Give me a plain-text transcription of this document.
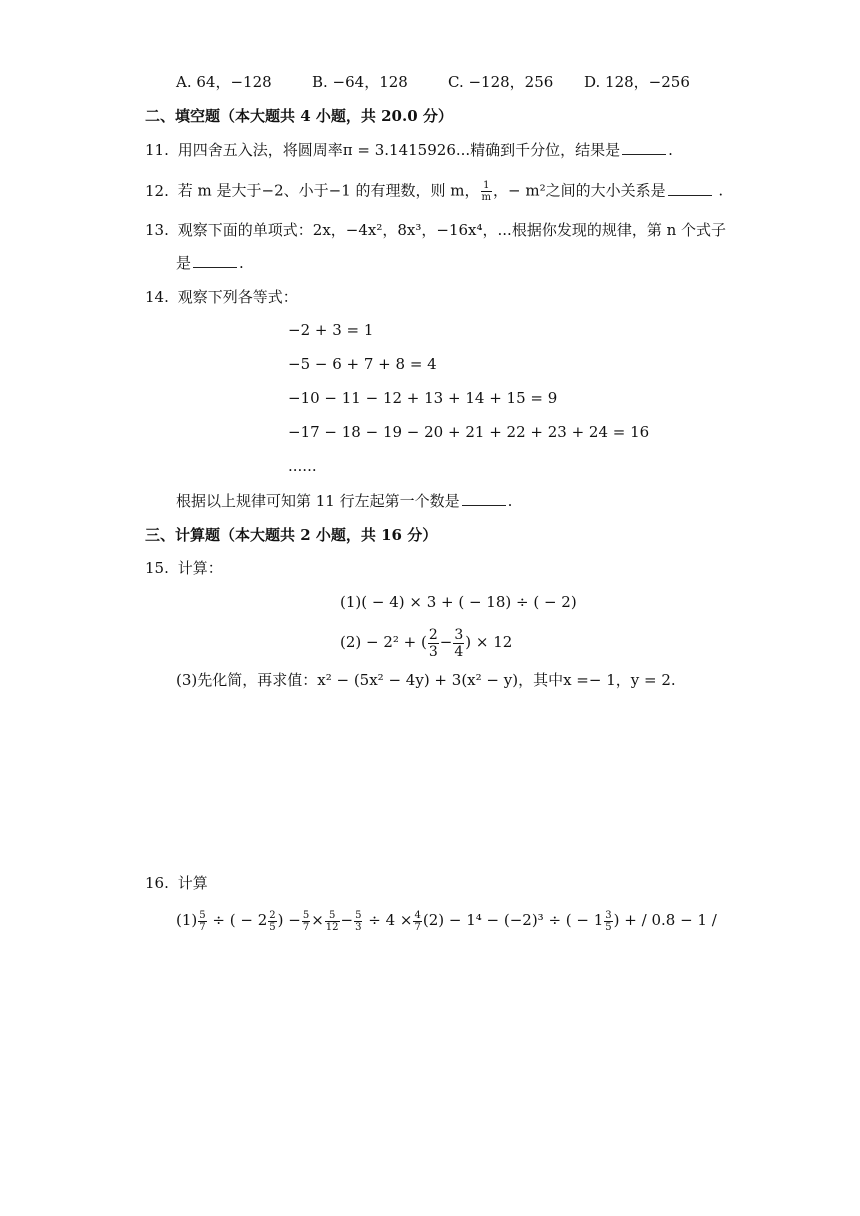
A. 64，−128	B. −64，128	C. −128，256 D. 128，−256
二、填空题（本大题共 4 小题，共 20.0 分）
11. 用四舍五入法，将圆周率π = 3.1415926...精确到千分位，结果是	.
12. 若 m 是大于−2、小于−1 的有理数，则 m， $\frac{1}{m}$ ，− m²之间的大小关系是	.
13. 观察下面的单项式：2x，−4x²，8x³，−16x⁴，...根据你发现的规律，第 n 个式子
是	.
14. 观察下列各等式：
−2 + 3 = 1
−5 − 6 + 7 + 8 = 4
−10 − 11 − 12 + 13 + 14 + 15 = 9
−17 − 18 − 19 − 20 + 21 + 22 + 23 + 24 = 16
......
根据以上规律可知第 11 行左起第一个数是	.
三、计算题（本大题共 2 小题，共 16 分）
15. 计算：
(1)( − 4) × 3 + ( − 18) ÷ ( − 2)
(2) − 2² + ( $\frac{2}{3} - \frac{3}{4}$ ) × 12
(3)先化简，再求值：x² − (5x² − 4y) + 3(x² − y)，其中x =− 1，y = 2.
16. 计算
$(1) \frac{5}{7}$ ÷ ( − $2 \frac{2}{5}$ ) − $\frac{5}{7} \times \frac{5}{12} - \frac{5}{3} \div 4 \times \frac{4}{7} (2) - 1^4 - (-2)^3$ ÷ ( − $1 \frac{3}{5}$ ) + / 0.8 − 1 /
